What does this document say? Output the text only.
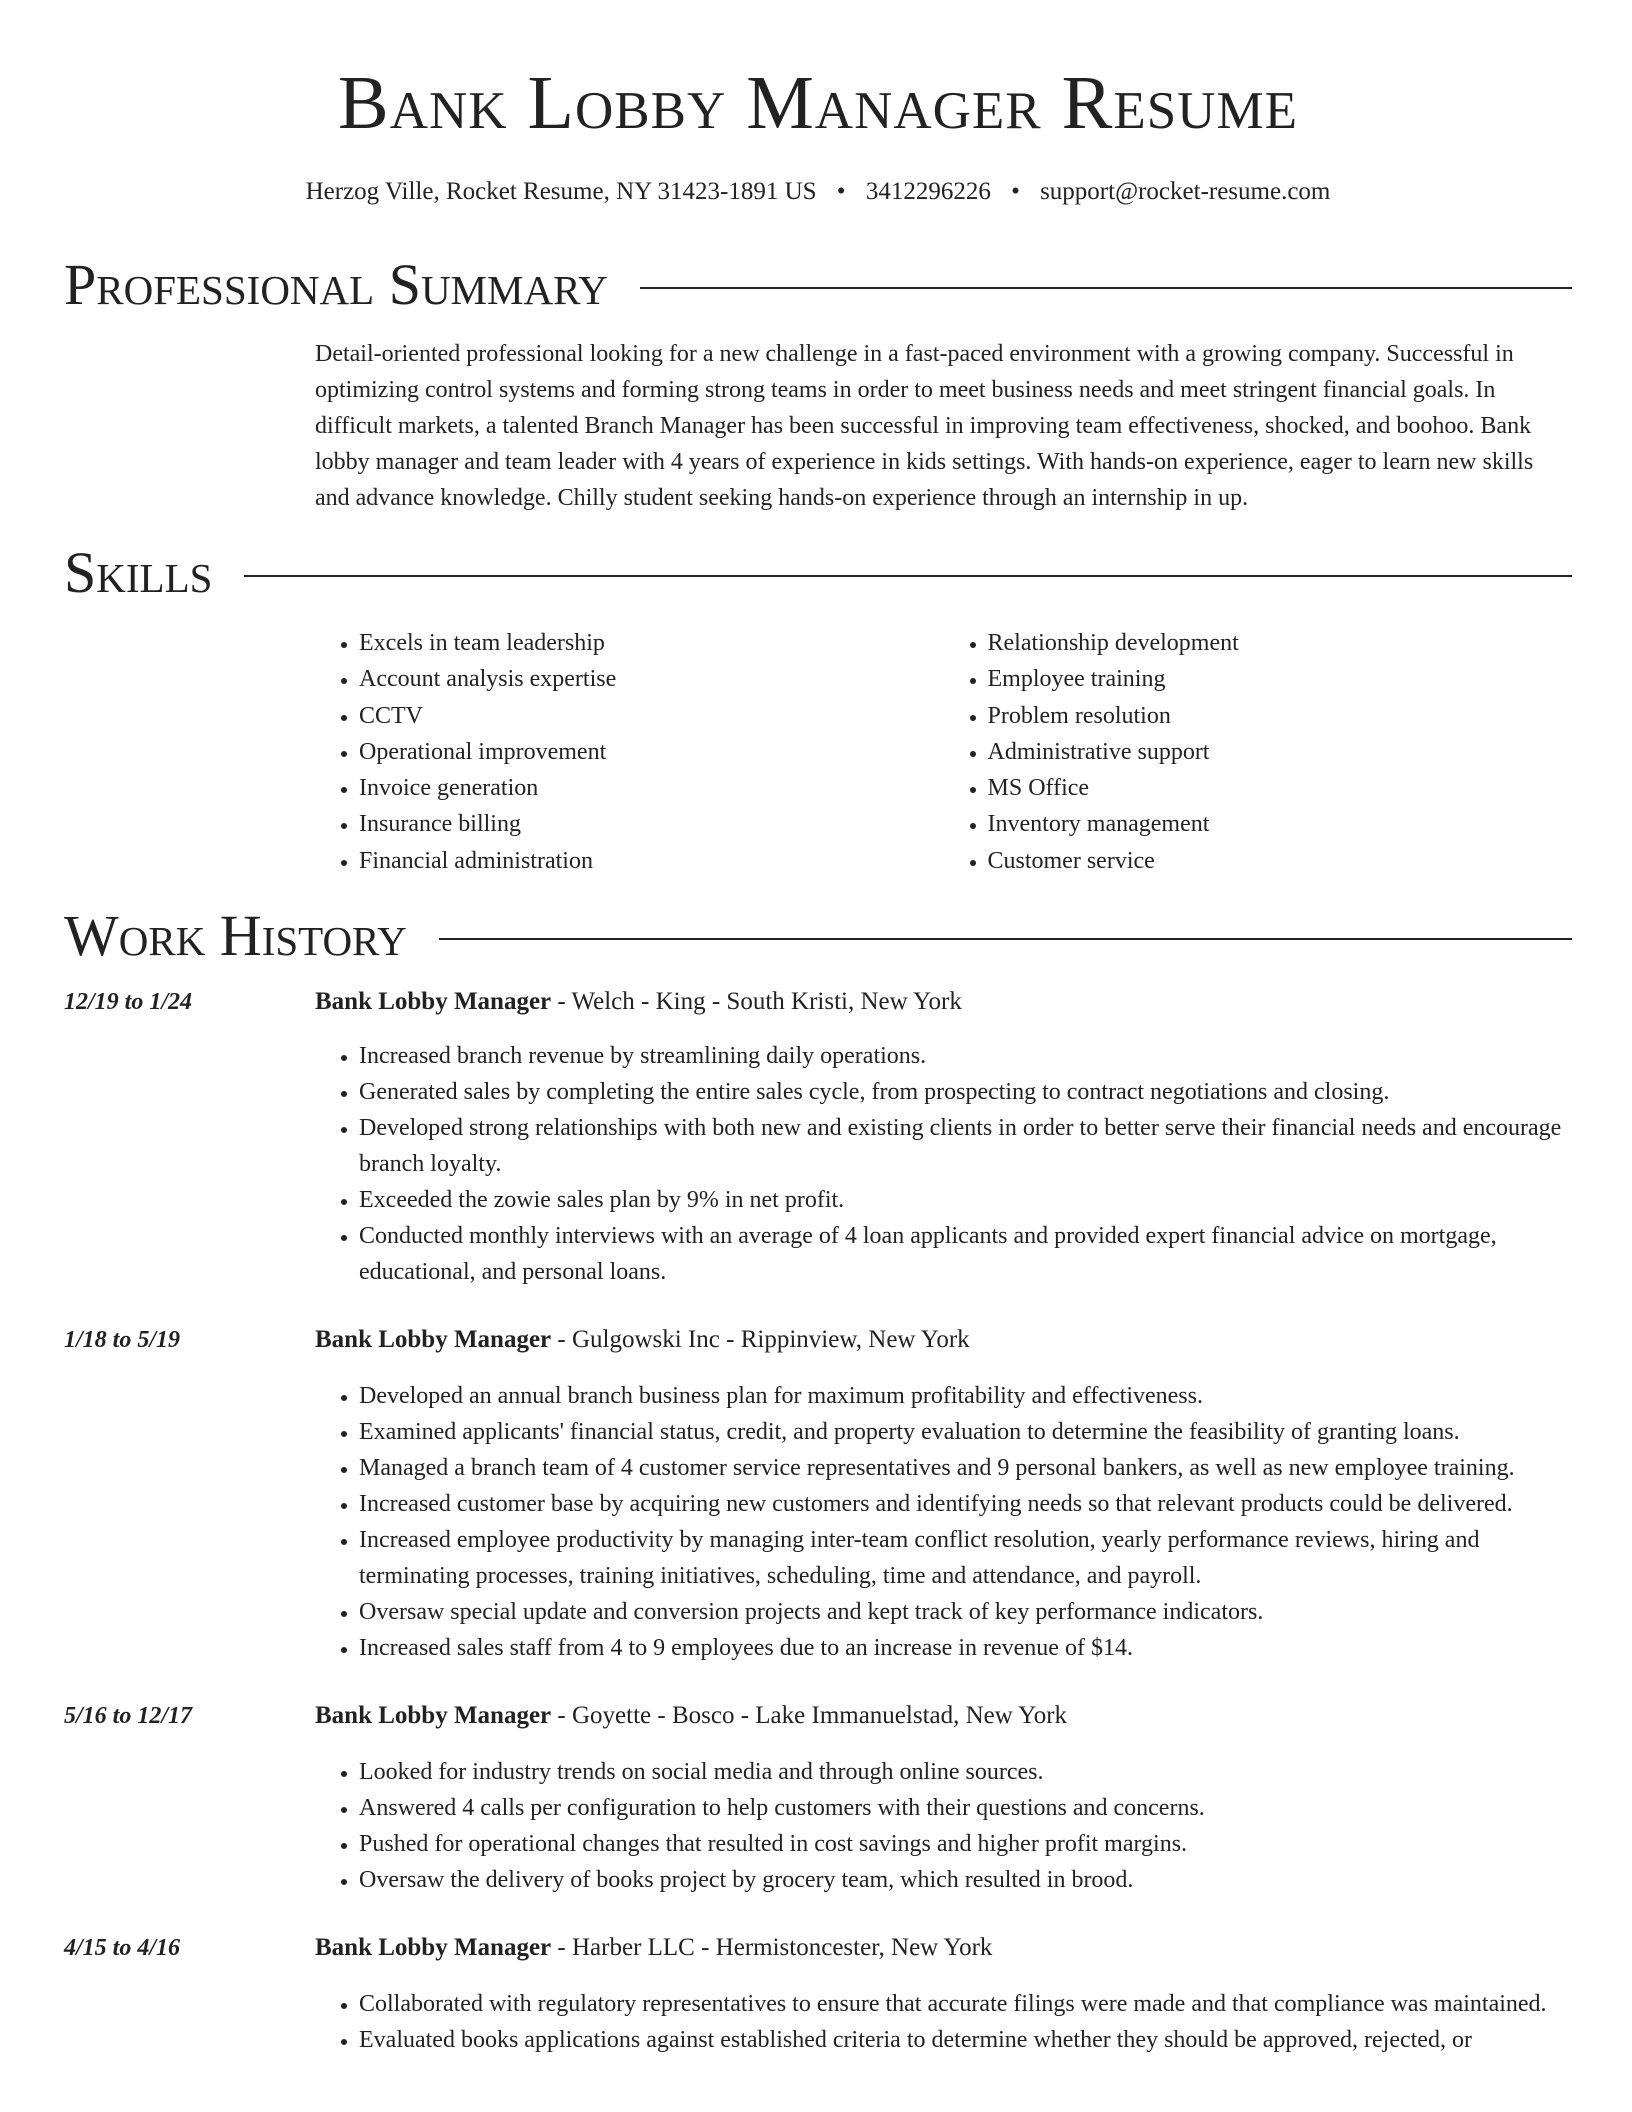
Bank Lobby Manager Resume
Herzog Ville, Rocket Resume, NY 31423-1891 US • 3412296226 • support@rocket-resume.com
Professional Summary

Detail-oriented professional looking for a new challenge in a fast-paced environment with a growing company. Successful in optimizing control systems and forming strong teams in order to meet business needs and meet stringent financial goals. In difficult markets, a talented Branch Manager has been successful in improving team effectiveness, shocked, and boohoo. Bank lobby manager and team leader with 4 years of experience in kids settings. With hands-on experience, eager to learn new skills and advance knowledge. Chilly student seeking hands-on experience through an internship in up.

Skills
• Excels in team leadership
• Account analysis expertise
• CCTV
• Operational improvement
• Invoice generation
• Insurance billing
• Financial administration
• Relationship development
• Employee training
• Problem resolution
• Administrative support
• MS Office
• Inventory management
• Customer service
Work History
12/19 to 1/24	Bank Lobby Manager - Welch - King - South Kristi, New York
• Increased branch revenue by streamlining daily operations.
• Generated sales by completing the entire sales cycle, from prospecting to contract negotiations and closing.
• Developed strong relationships with both new and existing clients in order to better serve their financial needs and encourage branch loyalty.
• Exceeded the zowie sales plan by 9% in net profit.
• Conducted monthly interviews with an average of 4 loan applicants and provided expert financial advice on mortgage, educational, and personal loans.
1/18 to 5/19	Bank Lobby Manager - Gulgowski Inc - Rippinview, New York
• Developed an annual branch business plan for maximum profitability and effectiveness.
• Examined applicants' financial status, credit, and property evaluation to determine the feasibility of granting loans.
• Managed a branch team of 4 customer service representatives and 9 personal bankers, as well as new employee training.
• Increased customer base by acquiring new customers and identifying needs so that relevant products could be delivered.
• Increased employee productivity by managing inter-team conflict resolution, yearly performance reviews, hiring and terminating processes, training initiatives, scheduling, time and attendance, and payroll.
• Oversaw special update and conversion projects and kept track of key performance indicators.
• Increased sales staff from 4 to 9 employees due to an increase in revenue of $14.
5/16 to 12/17	Bank Lobby Manager - Goyette - Bosco - Lake Immanuelstad, New York
• Looked for industry trends on social media and through online sources.
• Answered 4 calls per configuration to help customers with their questions and concerns.
• Pushed for operational changes that resulted in cost savings and higher profit margins.
• Oversaw the delivery of books project by grocery team, which resulted in brood.
4/15 to 4/16	Bank Lobby Manager - Harber LLC - Hermistoncester, New York
• Collaborated with regulatory representatives to ensure that accurate filings were made and that compliance was maintained.
• Evaluated books applications against established criteria to determine whether they should be approved, rejected, or
